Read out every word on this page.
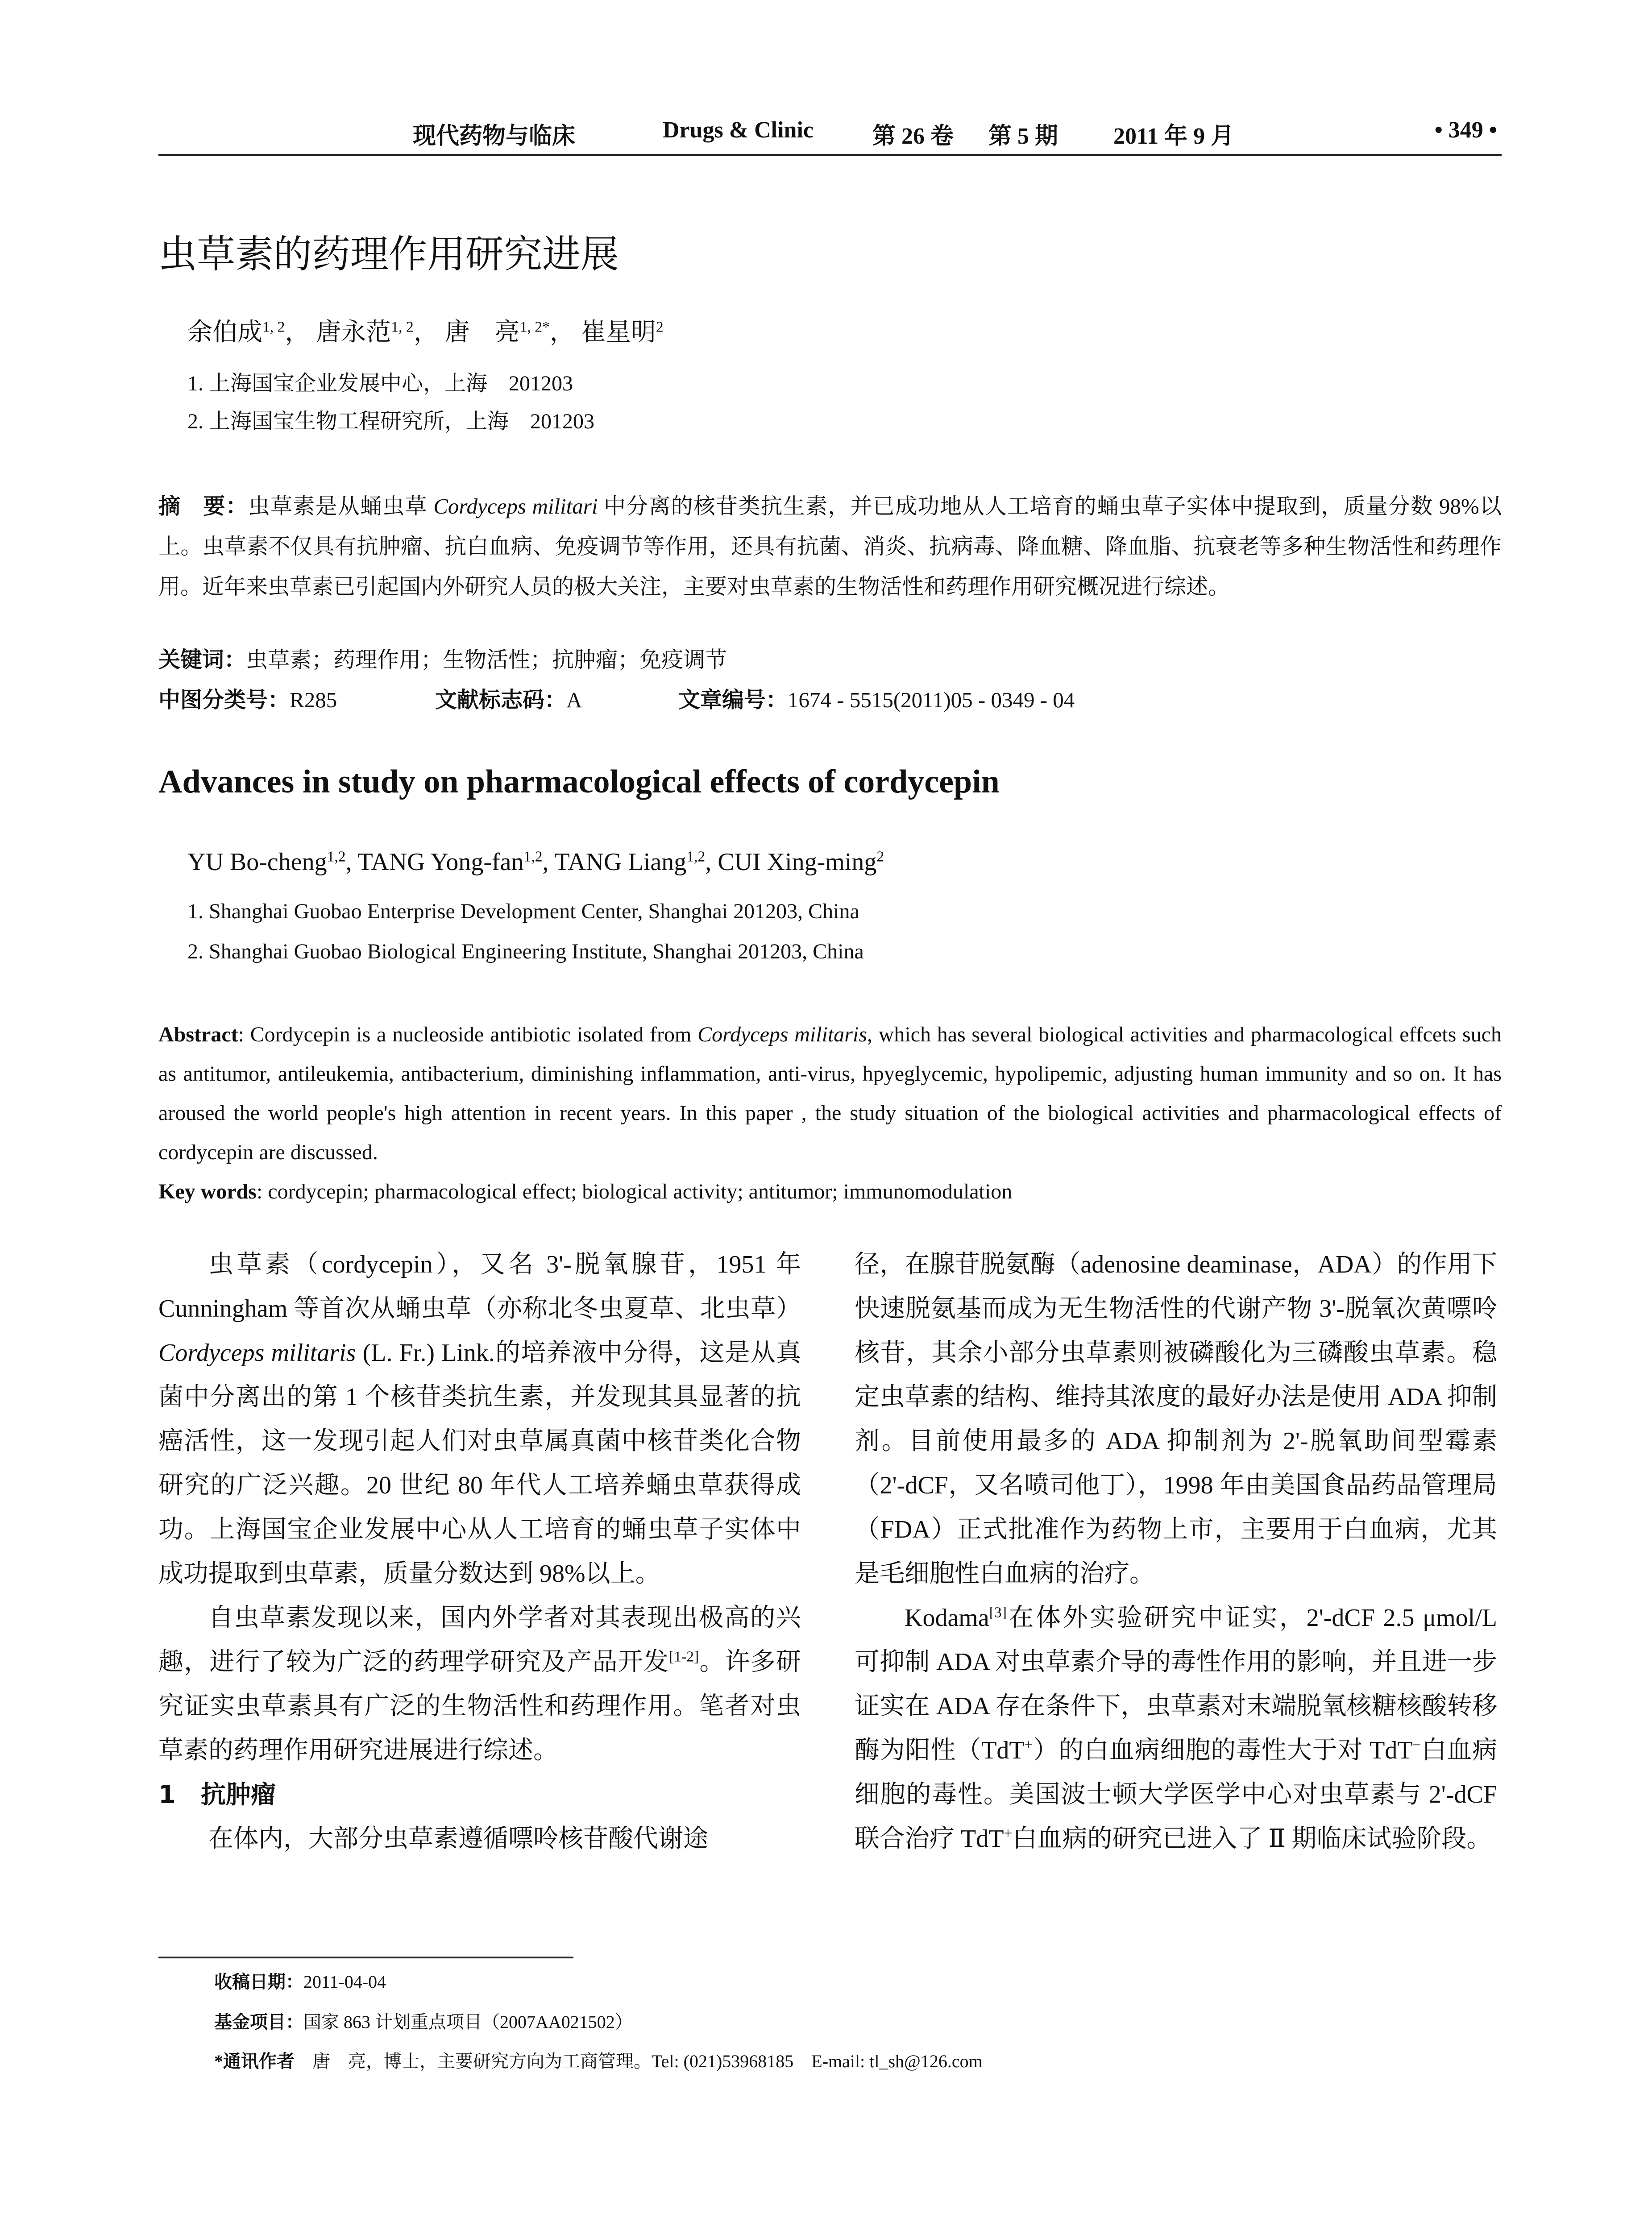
现代药物与临床	Drugs & Clinic	第 26 卷 第 5 期 2011 年 9 月	• 349 •
虫草素的药理作用研究进展
余伯成$^{1, 2}$， 唐永范$^{1, 2}$， 唐　亮$^{1, 2*}$， 崔星明$^2$
1. 上海国宝企业发展中心，上海　201203
2. 上海国宝生物工程研究所，上海　201203
摘　要：虫草素是从蛹虫草 Cordyceps militari 中分离的核苷类抗生素，并已成功地从人工培育的蛹虫草子实体中提取到，质量分数 98%以上。虫草素不仅具有抗肿瘤、抗白血病、免疫调节等作用，还具有抗菌、消炎、抗病毒、降血糖、降血脂、抗衰老等多种生物活性和药理作用。近年来虫草素已引起国内外研究人员的极大关注，主要对虫草素的生物活性和药理作用研究概况进行综述。
关键词：虫草素；药理作用；生物活性；抗肿瘤；免疫调节
中图分类号：R285	文献标志码：A	文章编号：1674 - 5515(2011)05 - 0349 - 04
Advances in study on pharmacological effects of cordycepin
YU Bo-cheng$^{1,2}$, TANG Yong-fan$^{1,2}$, TANG Liang$^{1,2}$, CUI Xing-ming$^2$
1. Shanghai Guobao Enterprise Development Center, Shanghai 201203, China
2. Shanghai Guobao Biological Engineering Institute, Shanghai 201203, China
Abstract: Cordycepin is a nucleoside antibiotic isolated from Cordyceps militaris, which has several biological activities and pharmacological effcets such as antitumor, antileukemia, antibacterium, diminishing inflammation, anti-virus, hpyeglycemic, hypolipemic, adjusting human immunity and so on. It has aroused the world people's high attention in recent years. In this paper , the study situation of the biological activities and pharmacological effects of cordycepin are discussed.
Key words: cordycepin; pharmacological effect; biological activity; antitumor; immunomodulation

虫草素（cordycepin），又名 3'-脱氧腺苷，1951 年 Cunningham 等首次从蛹虫草（亦称北冬虫夏草、北虫草）Cordyceps militaris (L. Fr.) Link.的培养液中分得，这是从真菌中分离出的第 1 个核苷类抗生素，并发现其具显著的抗癌活性，这一发现引起人们对虫草属真菌中核苷类化合物研究的广泛兴趣。20 世纪 80 年代人工培养蛹虫草获得成功。上海国宝企业发展中心从人工培育的蛹虫草子实体中成功提取到虫草素，质量分数达到 98%以上。

自虫草素发现以来，国内外学者对其表现出极高的兴趣，进行了较为广泛的药理学研究及产品开发[1-2]。许多研究证实虫草素具有广泛的生物活性和药理作用。笔者对虫草素的药理作用研究进展进行综述。

1　抗肿瘤

在体内，大部分虫草素遵循嘌呤核苷酸代谢途

径，在腺苷脱氨酶（adenosine deaminase，ADA）的作用下快速脱氨基而成为无生物活性的代谢产物 3'-脱氧次黄嘌呤核苷，其余小部分虫草素则被磷酸化为三磷酸虫草素。稳定虫草素的结构、维持其浓度的最好办法是使用 ADA 抑制剂。目前使用最多的 ADA 抑制剂为 2'-脱氧助间型霉素（2'-dCF，又名喷司他丁），1998 年由美国食品药品管理局（FDA）正式批准作为药物上市，主要用于白血病，尤其是毛细胞性白血病的治疗。

Kodama[3]在体外实验研究中证实，2'-dCF 2.5 μmol/L 可抑制 ADA 对虫草素介导的毒性作用的影响，并且进一步证实在 ADA 存在条件下，虫草素对末端脱氧核糖核酸转移酶为阳性（TdT+）的白血病细胞的毒性大于对 TdT−白血病细胞的毒性。美国波士顿大学医学中心对虫草素与 2'-dCF 联合治疗 TdT+白血病的研究已进入了 Ⅱ 期临床试验阶段。

收稿日期：2011-04-04
基金项目：国家 863 计划重点项目（2007AA021502）
*通讯作者　唐　亮，博士，主要研究方向为工商管理。Tel: (021)53968185　E-mail: tl_sh@126.com
